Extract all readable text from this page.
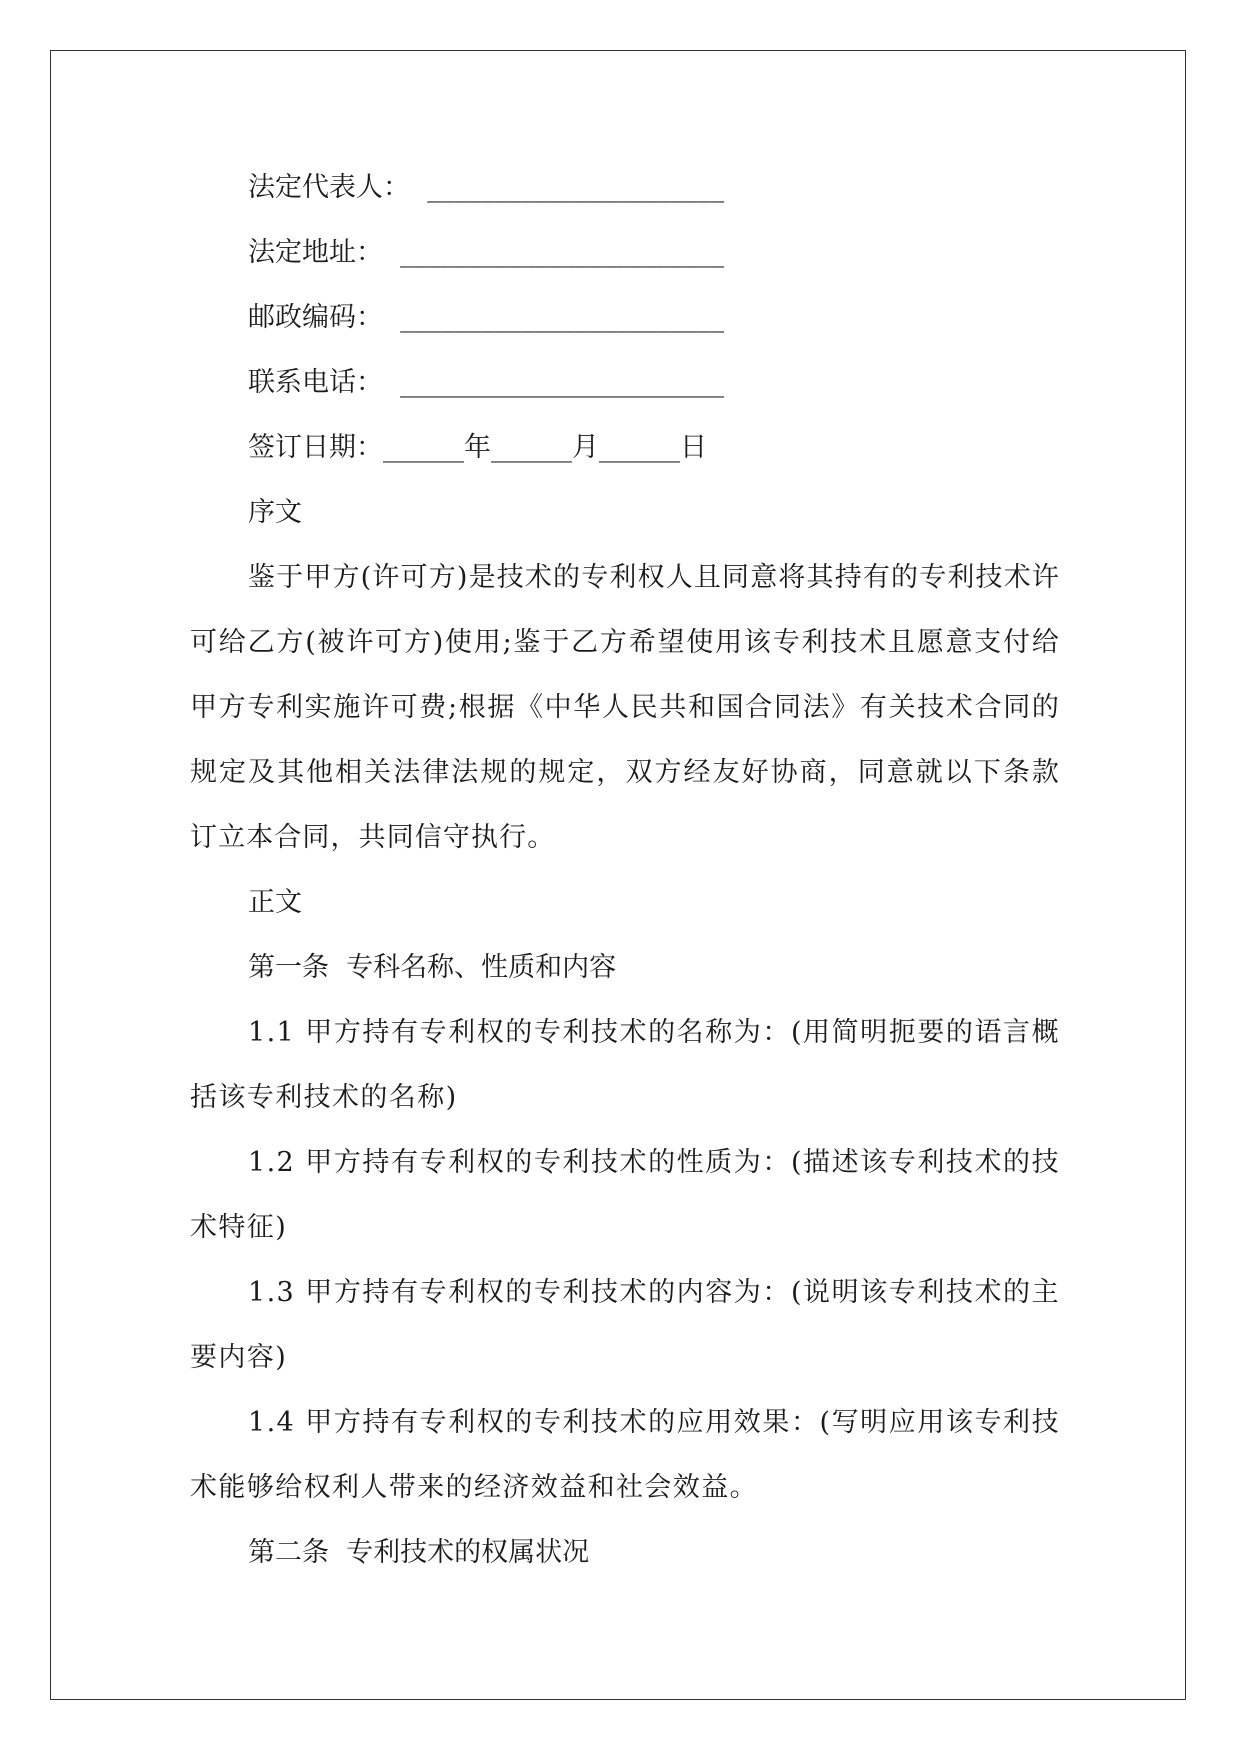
法定代表人：  ______________________
法定地址：  ________________________
邮政编码：  ________________________
联系电话：  ________________________
签订日期：______年______月______日
序文
鉴于甲方(许可方)是技术的专利权人且同意将其持有的专利技术许可给乙方(被许可方)使用;鉴于乙方希望使用该专利技术且愿意支付给甲方专利实施许可费;根据《中华人民共和国合同法》有关技术合同的规定及其他相关法律法规的规定，双方经友好协商，同意就以下条款订立本合同，共同信守执行。
正文
第一条  专科名称、性质和内容
1.1 甲方持有专利权的专利技术的名称为：(用简明扼要的语言概括该专利技术的名称)
1.2 甲方持有专利权的专利技术的性质为：(描述该专利技术的技术特征)
1.3 甲方持有专利权的专利技术的内容为：(说明该专利技术的主要内容)
1.4 甲方持有专利权的专利技术的应用效果：(写明应用该专利技术能够给权利人带来的经济效益和社会效益。
第二条  专利技术的权属状况
